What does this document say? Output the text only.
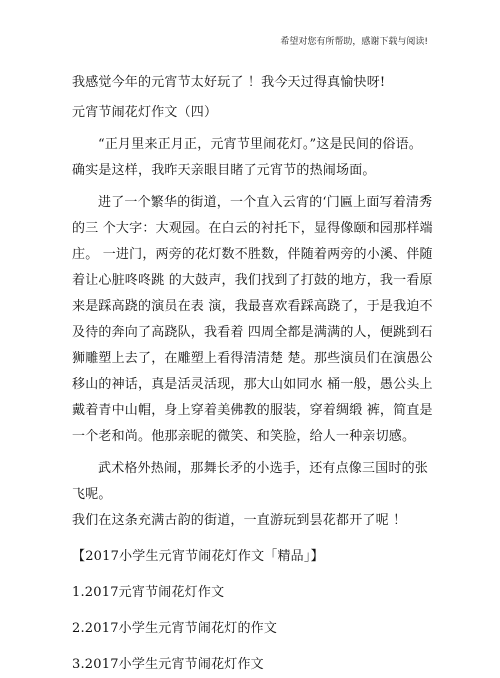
希望对您有所帮助，感谢下载与阅读!

我感觉今年的元宵节太好玩了 ！我今天过得真愉快呀!

元宵节闹花灯作文（四）

“正月里来正月正，元宵节里闹花灯。”这是民间的俗语。确实是这样，我昨天亲眼目睹了元宵节的热闹场面。

进了一个繁华的街道，一个直入云宵的‘门匾上面写着清秀的三 个大字：大观园。在白云的衬托下，显得像颐和园那样端庄。 一进门，两旁的花灯数不胜数，伴随着两旁的小溪、伴随着让心脏咚咚跳 的大鼓声，我们找到了打鼓的地方，我一看原来是踩高跷的演员在表 演，我最喜欢看踩高跷了，于是我迫不及待的奔向了高跷队，我看着 四周全都是满满的人，便跳到石狮雕塑上去了，在雕塑上看得清清楚 楚。那些演员们在演愚公移山的神话，真是活灵活现，那大山如同水 桶一般，愚公头上戴着青中山帽，身上穿着美佛教的服装，穿着绸缎 裤，简直是一个老和尚。他那亲昵的微笑、和笑脸，给人一种亲切感。

武术格外热闹，那舞长矛的小选手，还有点像三国时的张飞呢。

我们在这条充满古韵的街道，一直游玩到昙花都开了呢 ！

【2017小学生元宵节闹花灯作文「精品」】

1.2017元宵节闹花灯作文

2.2017小学生元宵节闹花灯的作文

3.2017小学生元宵节闹花灯作文
